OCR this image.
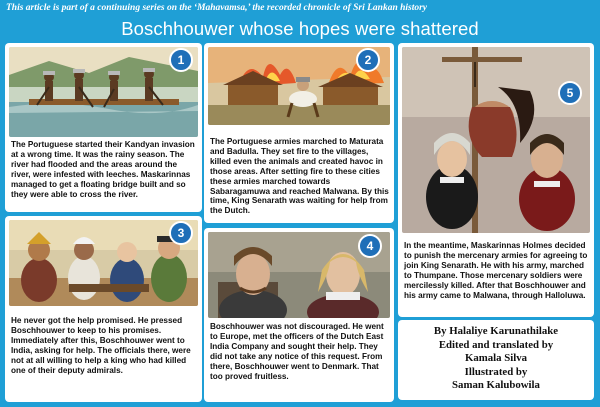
This article is part of a continuing series on the ‘Mahavamsa,’ the recorded chronicle of Sri Lankan history
Boschhouwer whose hopes were shattered
1

The Portuguese started their Kandyan invasion at a wrong time. It was the rainy season. The river had flooded and the areas around the river, were infested with leeches. Maskarinnas managed to get a floating bridge built and so they were able to cross the river.

2

The Portuguese armies marched to Maturata and Badulla. They set fire to the villages, killed even the animals and created havoc in those areas. After setting fire to these cities these armies marched towards Sabaragamuwa and reached Malwana. By this time, King Senarath was waiting for help from the Dutch.

3

He never got the help promised. He pressed Boschhouwer to keep to his promises. Immediately after this, Boschhouwer went to India, asking for help. The officials there, were not at all willing to help a king who had killed one of their deputy admirals.

4

Boschhouwer was not discouraged. He went to Europe, met the officers of the Dutch East India Company and sought their help. They did not take any notice of this request. From there, Boschhouwer went to Denmark. That too proved fruitless.

5

In the meantime, Maskarinnas Holmes decided to punish the mercenary armies for agreeing to join King Senarath. He with his army, marched to Thumpane. Those mercenary soldiers were mercilessly killed. After that Boschhouwer and his army came to Malwana, through Halloluwa.

By Halaliye Karunathilake
Edited and translated by
Kamala Silva
Illustrated by
Saman Kalubowila
